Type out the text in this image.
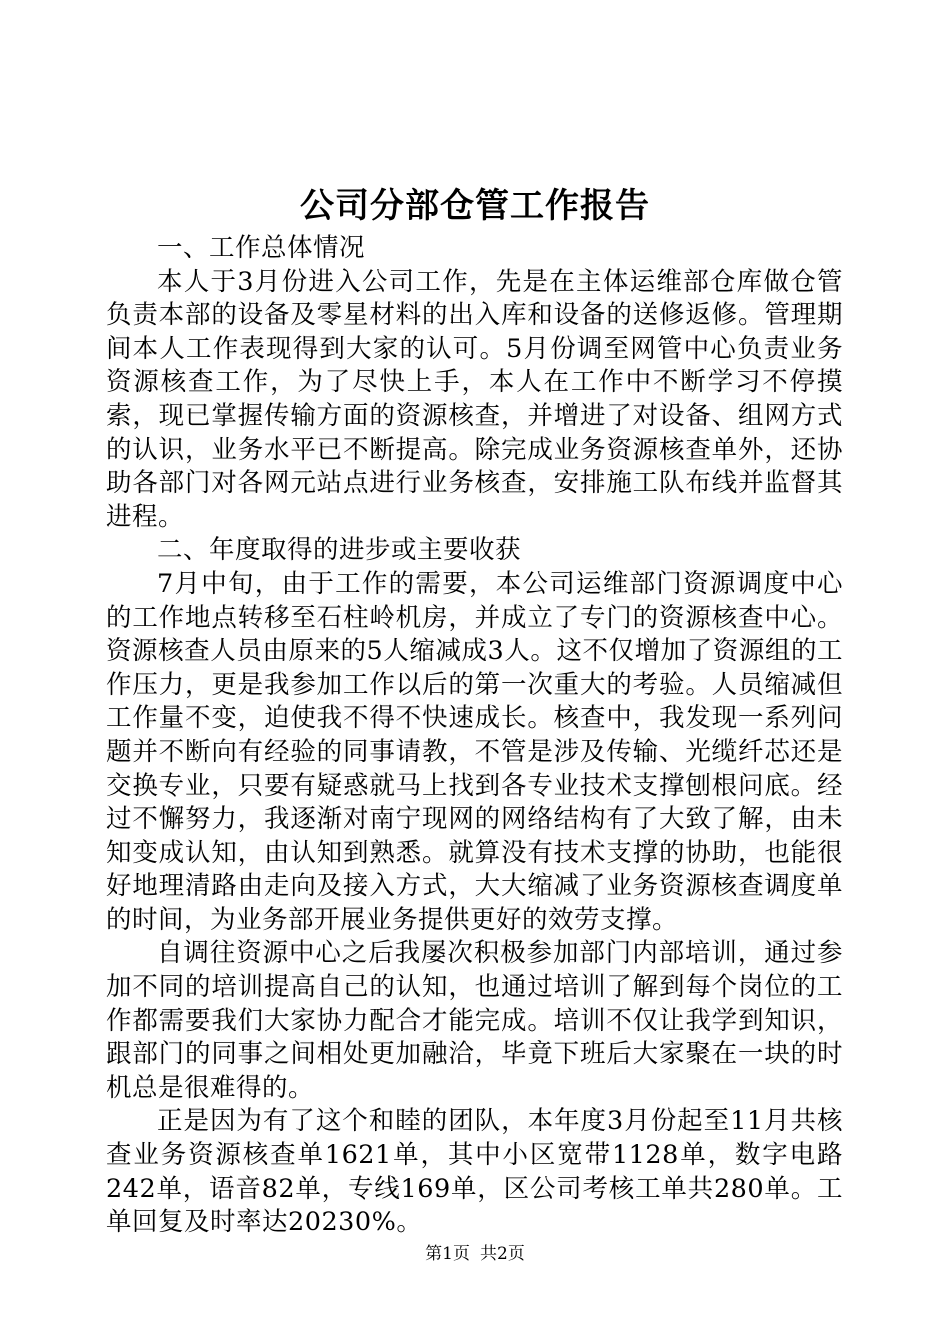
公司分部仓管工作报告

一、工作总体情况

本人于3月份进入公司工作，先是在主体运维部仓库做仓管负责本部的设备及零星材料的出入库和设备的送修返修。管理期间本人工作表现得到大家的认可。5月份调至网管中心负责业务资源核查工作，为了尽快上手，本人在工作中不断学习不停摸索，现已掌握传输方面的资源核查，并增进了对设备、组网方式的认识，业务水平已不断提高。除完成业务资源核查单外，还协助各部门对各网元站点进行业务核查，安排施工队布线并监督其进程。

二、年度取得的进步或主要收获

7月中旬，由于工作的需要，本公司运维部门资源调度中心的工作地点转移至石柱岭机房，并成立了专门的资源核查中心。资源核查人员由原来的5人缩减成3人。这不仅增加了资源组的工作压力，更是我参加工作以后的第一次重大的考验。人员缩减但工作量不变，迫使我不得不快速成长。核查中，我发现一系列问题并不断向有经验的同事请教，不管是涉及传输、光缆纤芯还是交换专业，只要有疑惑就马上找到各专业技术支撑刨根问底。经过不懈努力，我逐渐对南宁现网的网络结构有了大致了解，由未知变成认知，由认知到熟悉。就算没有技术支撑的协助，也能很好地理清路由走向及接入方式，大大缩减了业务资源核查调度单的时间，为业务部开展业务提供更好的效劳支撑。

自调往资源中心之后我屡次积极参加部门内部培训，通过参加不同的培训提高自己的认知，也通过培训了解到每个岗位的工作都需要我们大家协力配合才能完成。培训不仅让我学到知识，跟部门的同事之间相处更加融洽，毕竟下班后大家聚在一块的时机总是很难得的。

正是因为有了这个和睦的团队，本年度3月份起至11月共核查业务资源核查单1621单，其中小区宽带1128单，数字电路242单，语音82单，专线169单，区公司考核工单共280单。工单回复及时率达20230%。

第1页 共2页
